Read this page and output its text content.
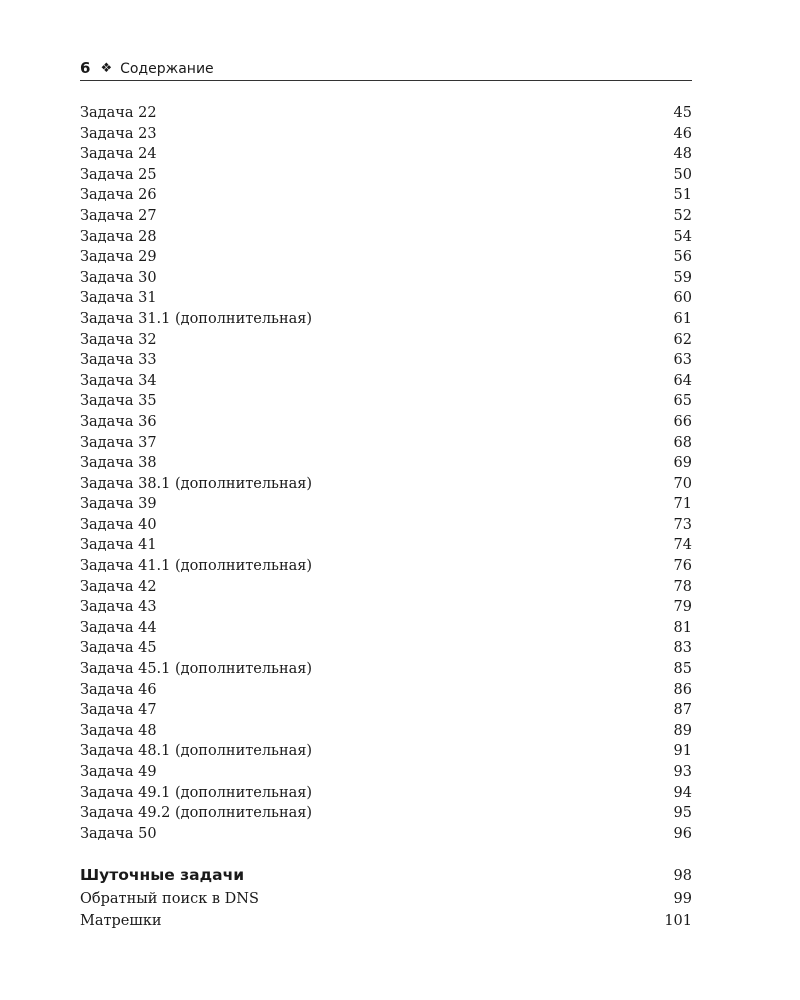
6 ❖ Содержание
Задача 22	45
Задача 23	46
Задача 24	48
Задача 25	50
Задача 26	51
Задача 27	52
Задача 28	54
Задача 29	56
Задача 30	59
Задача 31	60
Задача 31.1 (дополнительная)	61
Задача 32	62
Задача 33	63
Задача 34	64
Задача 35	65
Задача 36	66
Задача 37	68
Задача 38	69
Задача 38.1 (дополнительная)	70
Задача 39	71
Задача 40	73
Задача 41	74
Задача 41.1 (дополнительная)	76
Задача 42	78
Задача 43	79
Задача 44	81
Задача 45	83
Задача 45.1 (дополнительная)	85
Задача 46	86
Задача 47	87
Задача 48	89
Задача 48.1 (дополнительная)	91
Задача 49	93
Задача 49.1 (дополнительная)	94
Задача 49.2 (дополнительная)	95
Задача 50	96
Шуточные задачи	98
Обратный поиск в DNS	99
Матрешки	101
